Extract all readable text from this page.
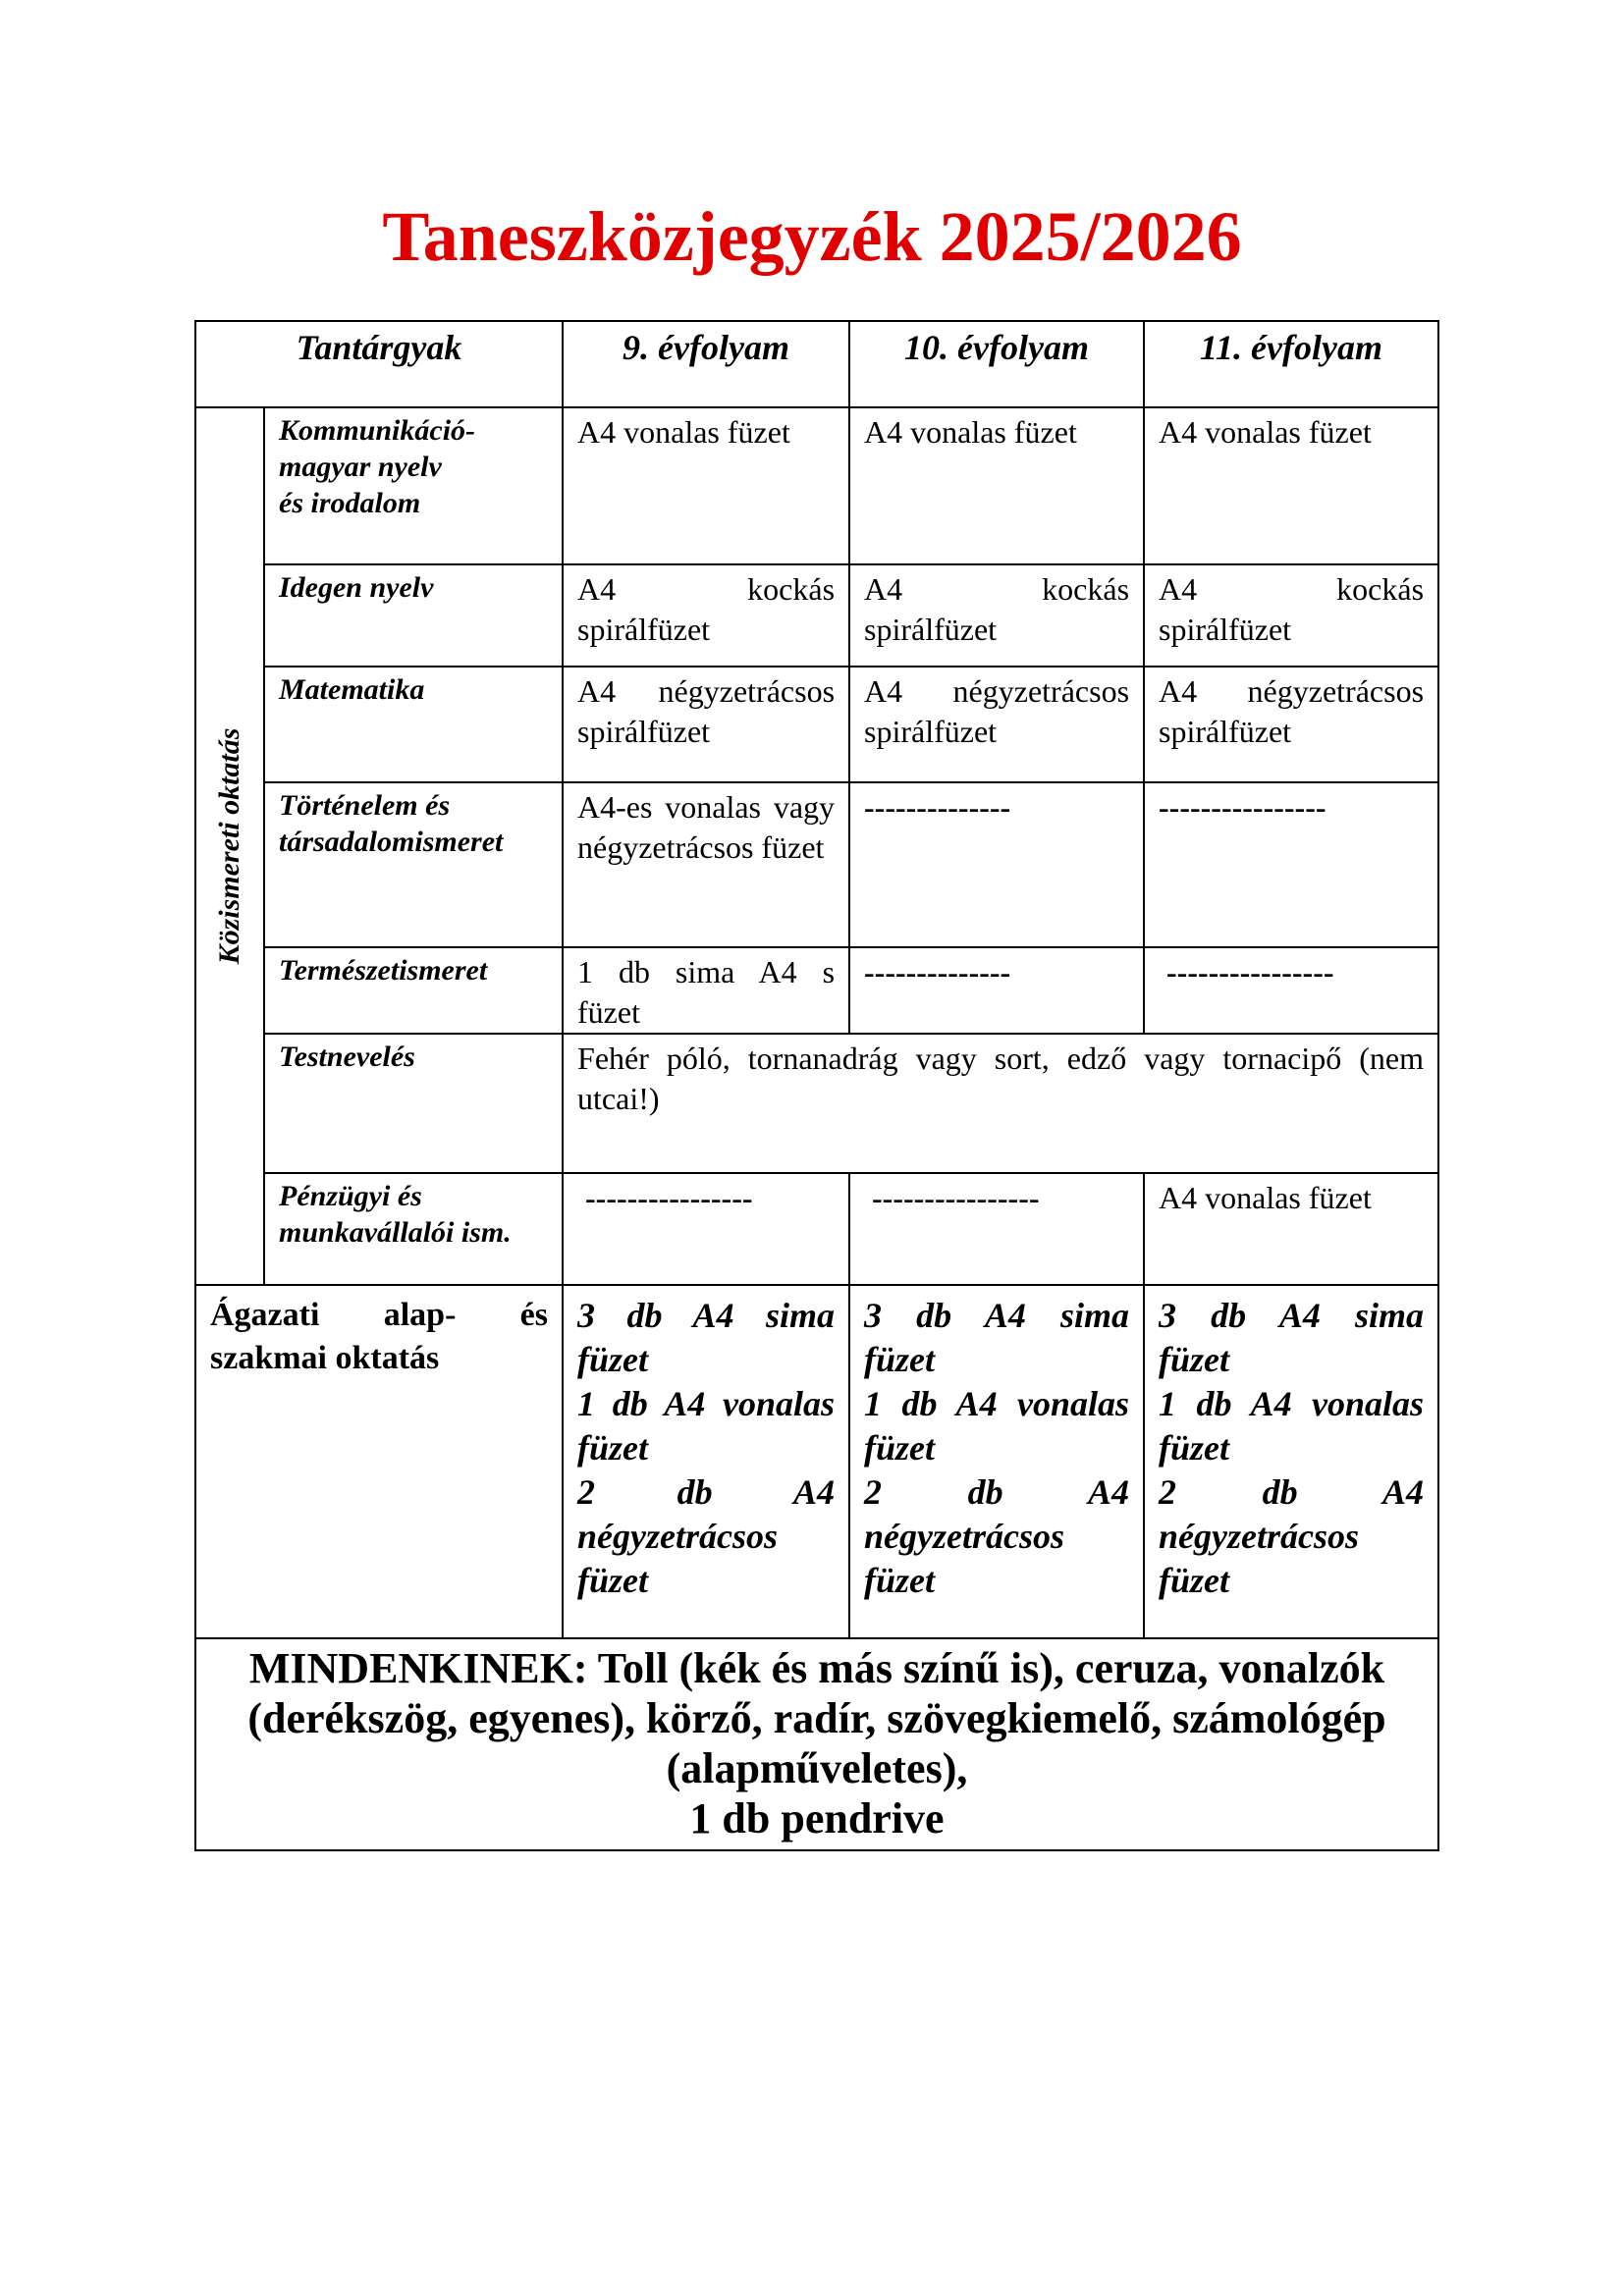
Taneszközjegyzék 2025/2026
Tantárgyak		9. évfolyam	10. évfolyam	11. évfolyam

Közismereti oktatás	Kommunikáció-
magyar nyelv
és irodalom	A4 vonalas füzet	A4 vonalas füzet	A4 vonalas füzet

	Idegen nyelv	A4 kockás spirálfüzet	A4 kockás spirálfüzet	A4 kockás spirálfüzet

	Matematika	A4 négyzetrácsos spirálfüzet	A4 négyzetrácsos spirálfüzet	A4 négyzetrácsos spirálfüzet

	Történelem és
társadalomismeret	A4-es vonalas vagy négyzetrácsos füzet	--------------	----------------

	Természetismeret	1 db sima A4 s füzet	--------------	----------------

	Testnevelés	Fehér póló, tornanadrág vagy sort, edző vagy tornacipő (nem utcai!)		

	Pénzügyi és
munkavállalói ism.	----------------	----------------	A4 vonalas füzet
Ágazati alap- és szakmai oktatás		3 db A4 sima füzet
1 db A4 vonalas füzet
2 db A4 négyzetrácsos füzet	3 db A4 sima füzet
1 db A4 vonalas füzet
2 db A4 négyzetrácsos füzet	3 db A4 sima füzet
1 db A4 vonalas füzet
2 db A4 négyzetrácsos füzet

MINDENKINEK: Toll (kék és más színű is), ceruza, vonalzók
(derékszög, egyenes), körző, radír, szövegkiemelő, számológép
(alapműveletes),
1 db pendrive				
